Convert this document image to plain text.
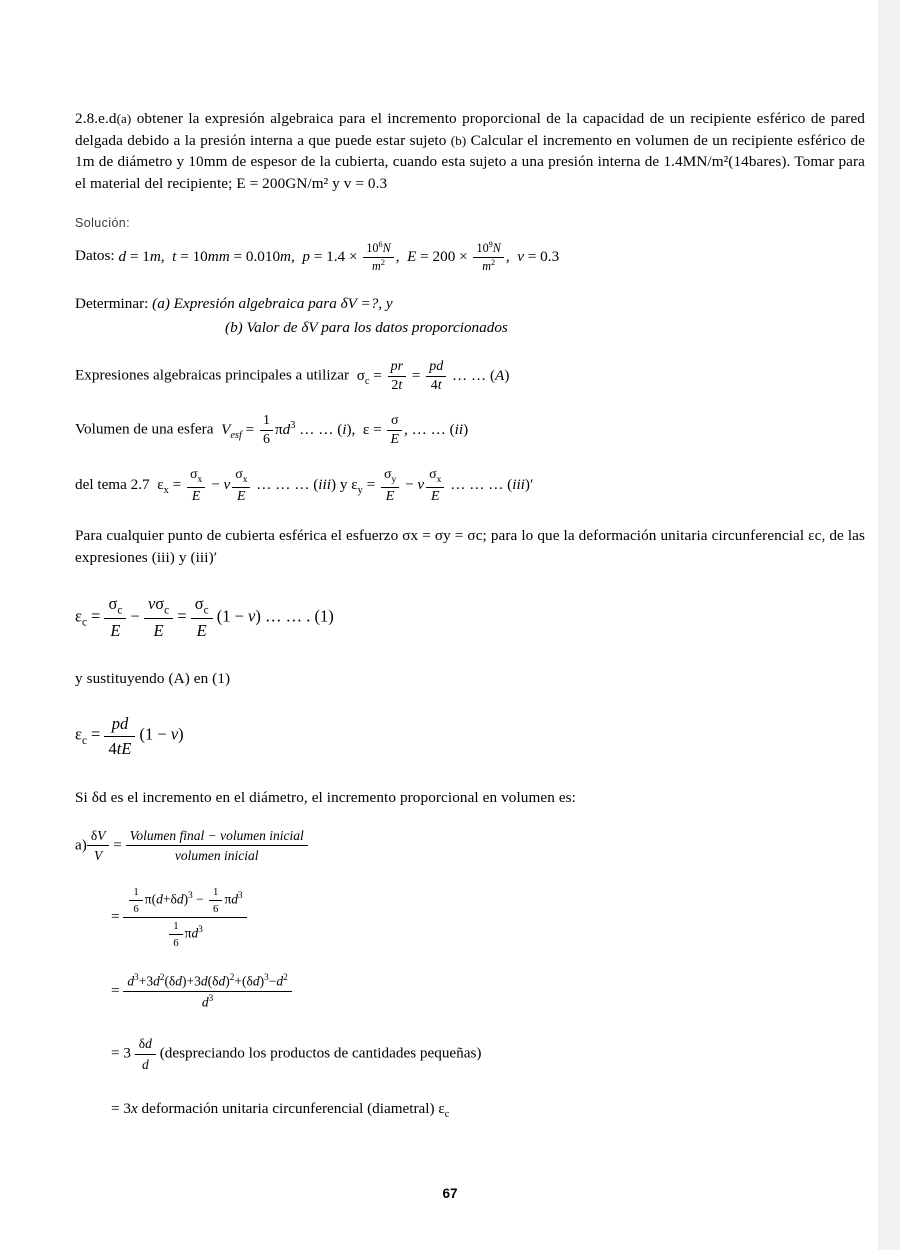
2.8.e.d(a) obtener la expresión algebraica para el incremento proporcional de la capacidad de un recipiente esférico de pared delgada debido a la presión interna a que puede estar sujeto (b) Calcular el incremento en volumen de un recipiente esférico de 1m de diámetro y 10mm de espesor de la cubierta, cuando esta sujeto a una presión interna de 1.4MN/m²(14bares). Tomar para el material del recipiente; E = 200GN/m² y v = 0.3

Solución:
Datos: d = 1m,  t = 10mm = 0.010m,  $p = 1.4 \times \frac{10^6N}{m^2}$ ,  $E = 200 \times \frac{10^9N}{m^2}$ ,  v = 0.3
Determinar: (a) Expresión algebraica para δV =?, y
(b) Valor de δV para los datos proporcionados
Expresiones algebraicas principales a utilizar  $\sigma_c = \frac{pr}{2t} = \frac{pd}{4t}$ … … (A)
Volumen de una esfera $V_{esf} = \frac{1}{6} \pi d^3$ … … (i),  $\varepsilon = \frac{\sigma}{E}$ , … … (ii)
del tema 2.7  $\varepsilon_x = \frac{\sigma_x}{E} - v \frac{\sigma_x}{E}$ … … … (iii) y $\varepsilon_y = \frac{\sigma_y}{E} - v \frac{\sigma_x}{E}$ … … … (iii)′

Para cualquier punto de cubierta esférica el esfuerzo σx = σy = σc; para lo que la deformación unitaria circunferencial εc, de las expresiones (iii) y (iii)′

$\varepsilon_c = \frac{\sigma_c}{E} - \frac{v\sigma_c}{E} = \frac{\sigma_c}{E} (1 - v)$ … … . (1)

y sustituyendo (A) en (1)

$\varepsilon_c = \frac{pd}{4tE} (1 - v)$

Si δd es el incremento en el diámetro, el incremento proporcional en volumen es:

$a) \frac{\delta V}{V} = \frac{\text{Volumen final − volumen inicial}}{\text{volumen inicial}}$
= $\frac{\frac{1}{6} \pi(d+\delta d)^3 - \frac{1}{6} \pi d^3}{\frac{1}{6} \pi d^3}$
= $\frac{d^3+3d^2(\delta d)+3d(\delta d)^2+(\delta d)^3-d^2}{d^3}$
= $3 \frac{\delta d}{d}$ (despreciando los productos de cantidades pequeñas)
= 3x deformación unitaria circunferencial (diametral) $\varepsilon_c$
67
